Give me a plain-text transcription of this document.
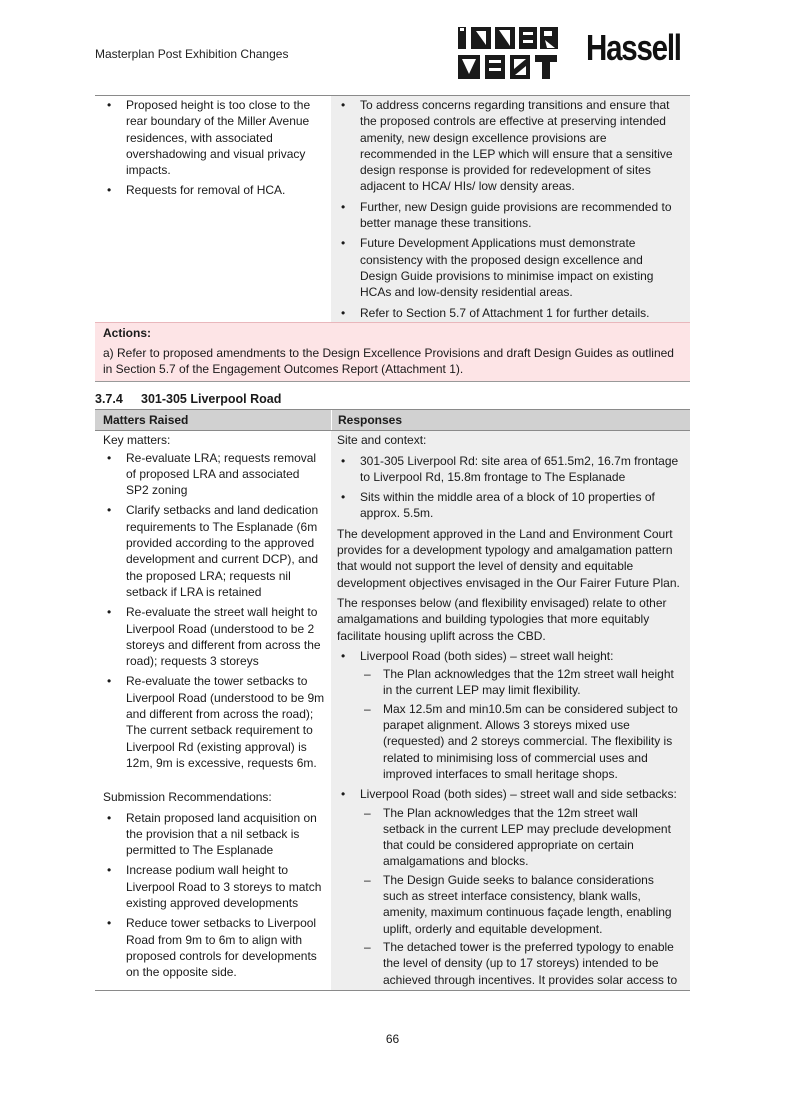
Masterplan Post Exhibition Changes	Hassell
• Proposed height is too close to the rear boundary of the Miller Avenue residences, with associated overshadowing and visual privacy impacts.
• Requests for removal of HCA.
• To address concerns regarding transitions and ensure that the proposed controls are effective at preserving intended amenity, new design excellence provisions are recommended in the LEP which will ensure that a sensitive design response is provided for redevelopment of sites adjacent to HCA/ HIs/ low density areas.
• Further, new Design guide provisions are recommended to better manage these transitions.
• Future Development Applications must demonstrate consistency with the proposed design excellence and Design Guide provisions to minimise impact on existing HCAs and low-density residential areas.
• Refer to Section 5.7 of Attachment 1 for further details.
Actions:
a) Refer to proposed amendments to the Design Excellence Provisions and draft Design Guides as outlined in Section 5.7 of the Engagement Outcomes Report (Attachment 1).
3.7.4 301-305 Liverpool Road
Matters Raised	Responses

Key matters:

• Re-evaluate LRA; requests removal of proposed LRA and associated SP2 zoning
• Clarify setbacks and land dedication requirements to The Esplanade (6m provided according to the approved development and current DCP), and the proposed LRA; requests nil setback if LRA is retained
• Re-evaluate the street wall height to Liverpool Road (understood to be 2 storeys and different from across the road); requests 3 storeys
• Re-evaluate the tower setbacks to Liverpool Road (understood to be 9m and different from across the road); The current setback requirement to Liverpool Rd (existing approval) is 12m, 9m is excessive, requests 6m.

Submission Recommendations:

• Retain proposed land acquisition on the provision that a nil setback is permitted to The Esplanade
• Increase podium wall height to Liverpool Road to 3 storeys to match existing approved developments
• Reduce tower setbacks to Liverpool Road from 9m to 6m to align with proposed controls for developments on the opposite side.

Site and context:

• 301-305 Liverpool Rd: site area of 651.5m2, 16.7m frontage to Liverpool Rd, 15.8m frontage to The Esplanade
• Sits within the middle area of a block of 10 properties of approx. 5.5m.

The development approved in the Land and Environment Court provides for a development typology and amalgamation pattern that would not support the level of density and equitable development objectives envisaged in the Our Fairer Future Plan.

The responses below (and flexibility envisaged) relate to other amalgamations and building typologies that more equitably facilitate housing uplift across the CBD.

• Liverpool Road (both sides) – street wall height:
– The Plan acknowledges that the 12m street wall height in the current LEP may limit flexibility.
– Max 12.5m and min10.5m can be considered subject to parapet alignment. Allows 3 storeys mixed use (requested) and 2 storeys commercial. The flexibility is related to minimising loss of commercial uses and improved interfaces to small heritage shops.
• Liverpool Road (both sides) – street wall and side setbacks:
– The Plan acknowledges that the 12m street wall setback in the current LEP may preclude development that could be considered appropriate on certain amalgamations and blocks.
– The Design Guide seeks to balance considerations such as street interface consistency, blank walls, amenity, maximum continuous façade length, enabling uplift, orderly and equitable development.
– The detached tower is the preferred typology to enable the level of density (up to 17 storeys) intended to be achieved through incentives. It provides solar access to
66
